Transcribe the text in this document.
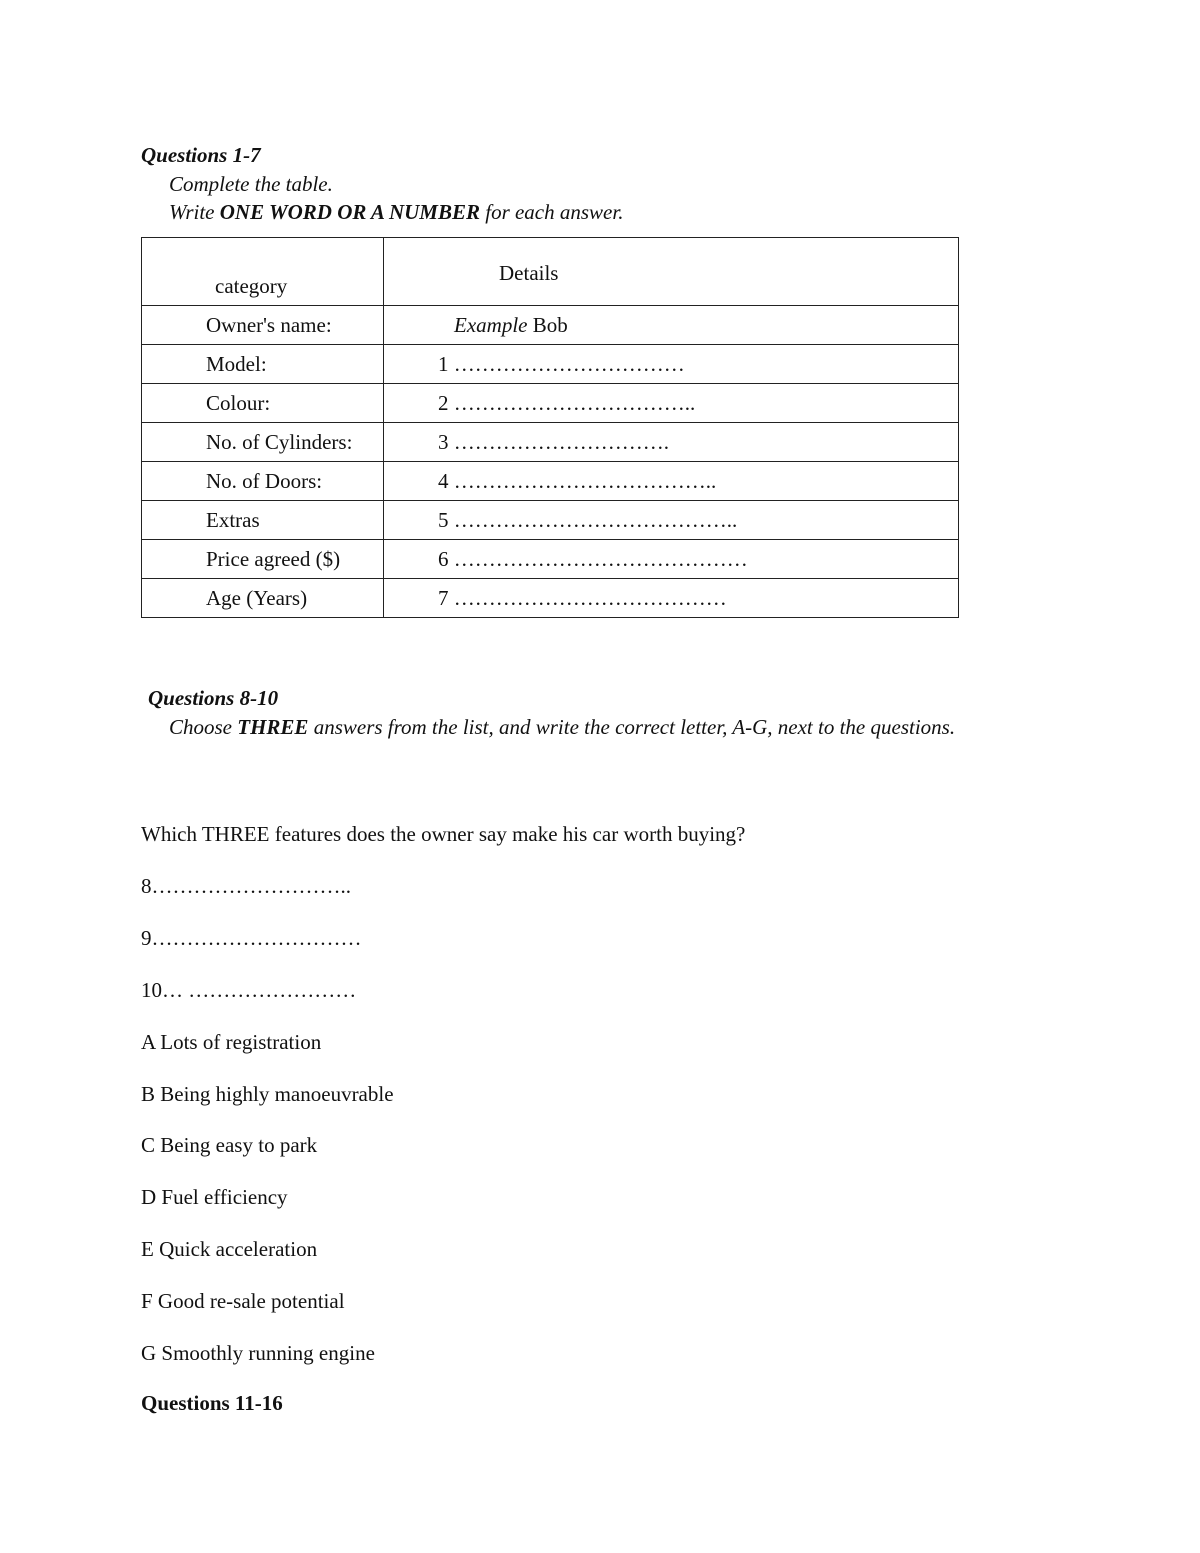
Questions 1-7
Complete the table.
Write ONE WORD OR A NUMBER for each answer.
category	Details
Owner's name:	Example Bob
Model:	1 ……………………………
Colour:	2 ……………………………..
No. of Cylinders:	3 ………………………….
No. of Doors:	4 ………………………………..
Extras	5 …………………………………..
Price agreed ($)	6 ……………………………………
Age (Years)	7 …………………………………
Questions 8-10
Choose THREE answers from the list, and write the correct letter, A-G, next to the questions.
Which THREE features does the owner say make his car worth buying?
8………………………..
9…………………………
10… ……………………
A Lots of registration
B Being highly manoeuvrable
C Being easy to park
D Fuel efficiency
E Quick acceleration
F Good re-sale potential
G Smoothly running engine
Questions 11-16
